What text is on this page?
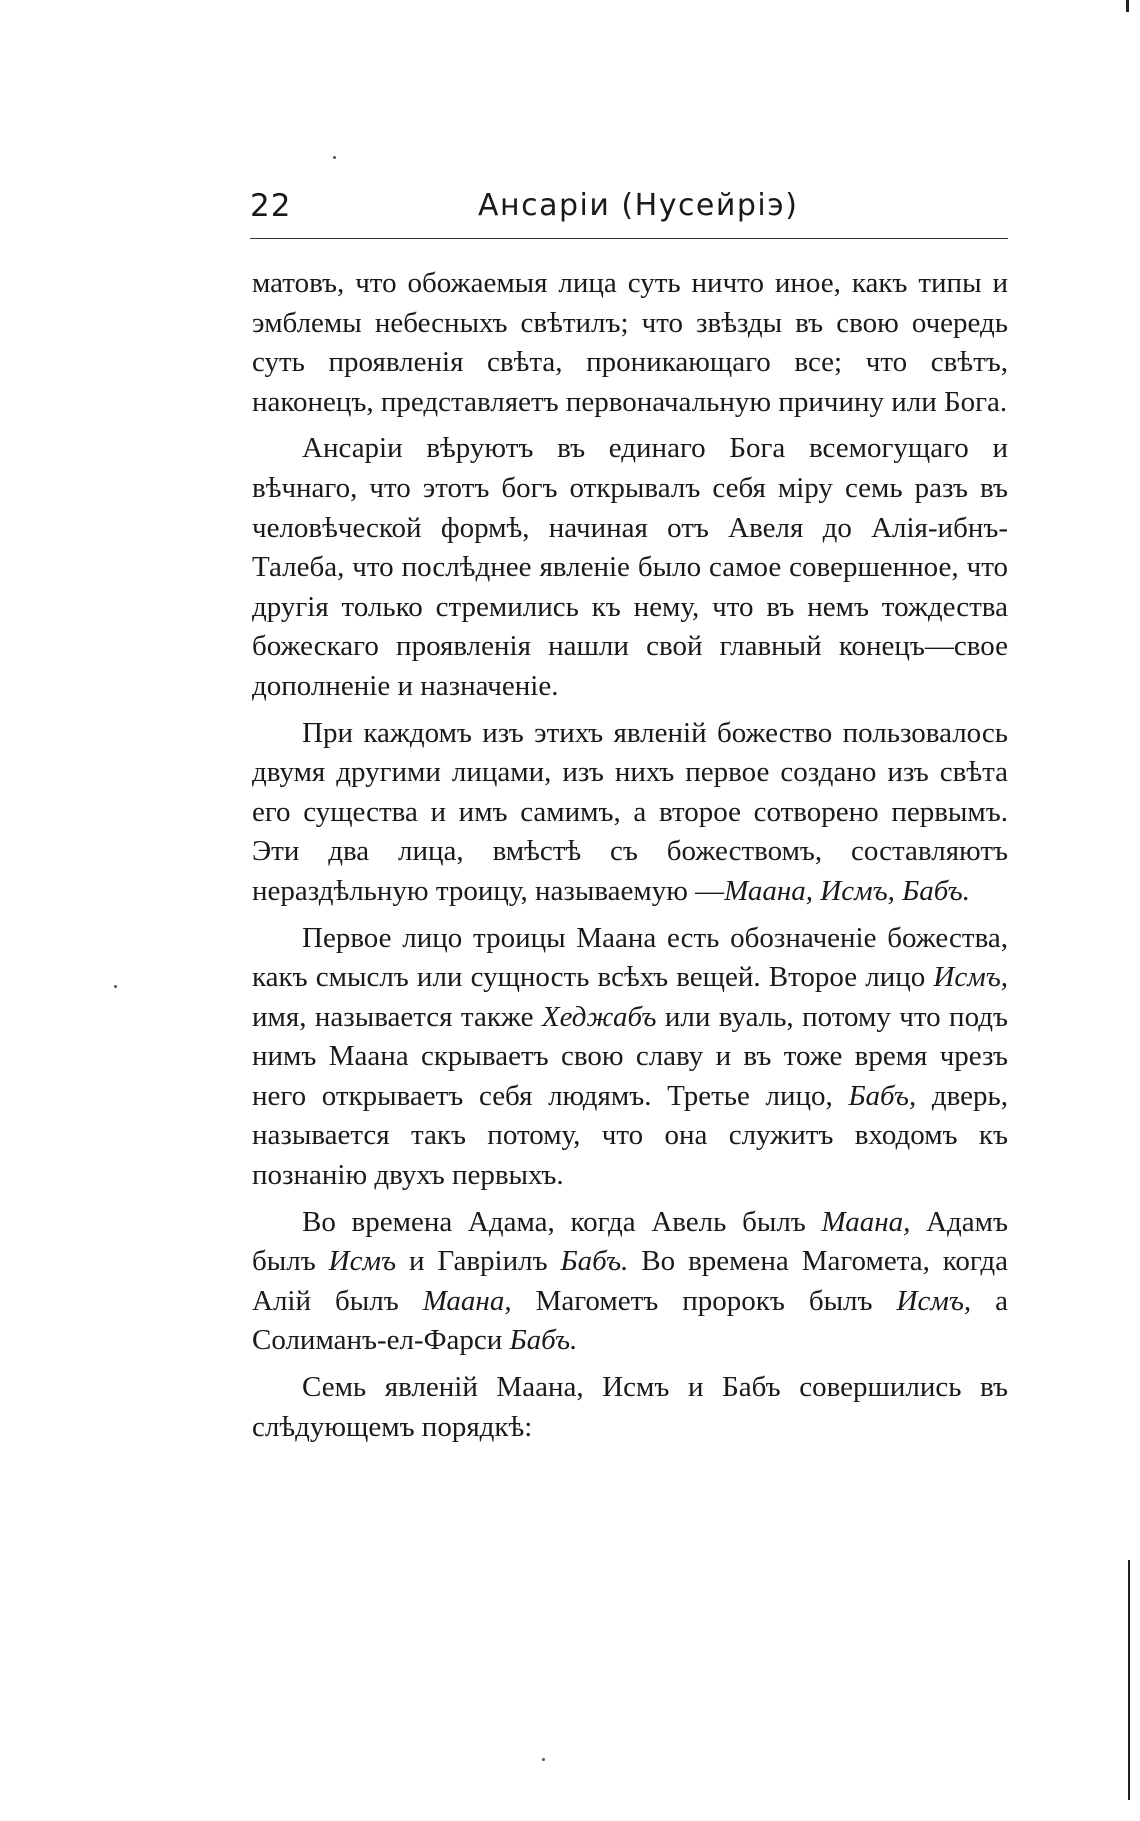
22	Ансаріи (Нусейріэ)

матовъ, что обожаемыя лица суть ничто иное, какъ типы и эмблемы небесныхъ свѣтилъ; что звѣзды въ свою очередь суть проявленія свѣта, проникающаго все; что свѣтъ, наконецъ, представляетъ первоначальную причину или Бога.

Ансаріи вѣруютъ въ единаго Бога всемогущаго и вѣчнаго, что этотъ богъ открывалъ себя міру семь разъ въ человѣческой формѣ, начиная отъ Авеля до Алія-ибнъ-Талеба, что послѣднее явленіе было самое совершенное, что другія только стремились къ нему, что въ немъ тождества божескаго проявленія нашли свой главный конецъ—свое дополненіе и назначеніе.

При каждомъ изъ этихъ явленій божество пользовалось двумя другими лицами, изъ нихъ первое создано изъ свѣта его существа и имъ самимъ, а второе сотворено первымъ. Эти два лица, вмѣстѣ съ божествомъ, составляютъ нераздѣльную троицу, называемую —Маана, Исмъ, Бабъ.

Первое лицо троицы Маана есть обозначеніе божества, какъ смыслъ или сущность всѣхъ вещей. Второе лицо Исмъ, имя, называется также Хеджабъ или вуаль, потому что подъ нимъ Маана скрываетъ свою славу и въ тоже время чрезъ него открываетъ себя людямъ. Третье лицо, Бабъ, дверь, называется такъ потому, что она служитъ входомъ къ познанію двухъ первыхъ.

Во времена Адама, когда Авель былъ Маана, Адамъ былъ Исмъ и Гавріилъ Бабъ. Во времена Магомета, когда Алій былъ Маана, Магометъ пророкъ былъ Исмъ, а Солиманъ-ел-Фарси Бабъ.

Семь явленій Маана, Исмъ и Бабъ совершились въ слѣдующемъ порядкѣ:
